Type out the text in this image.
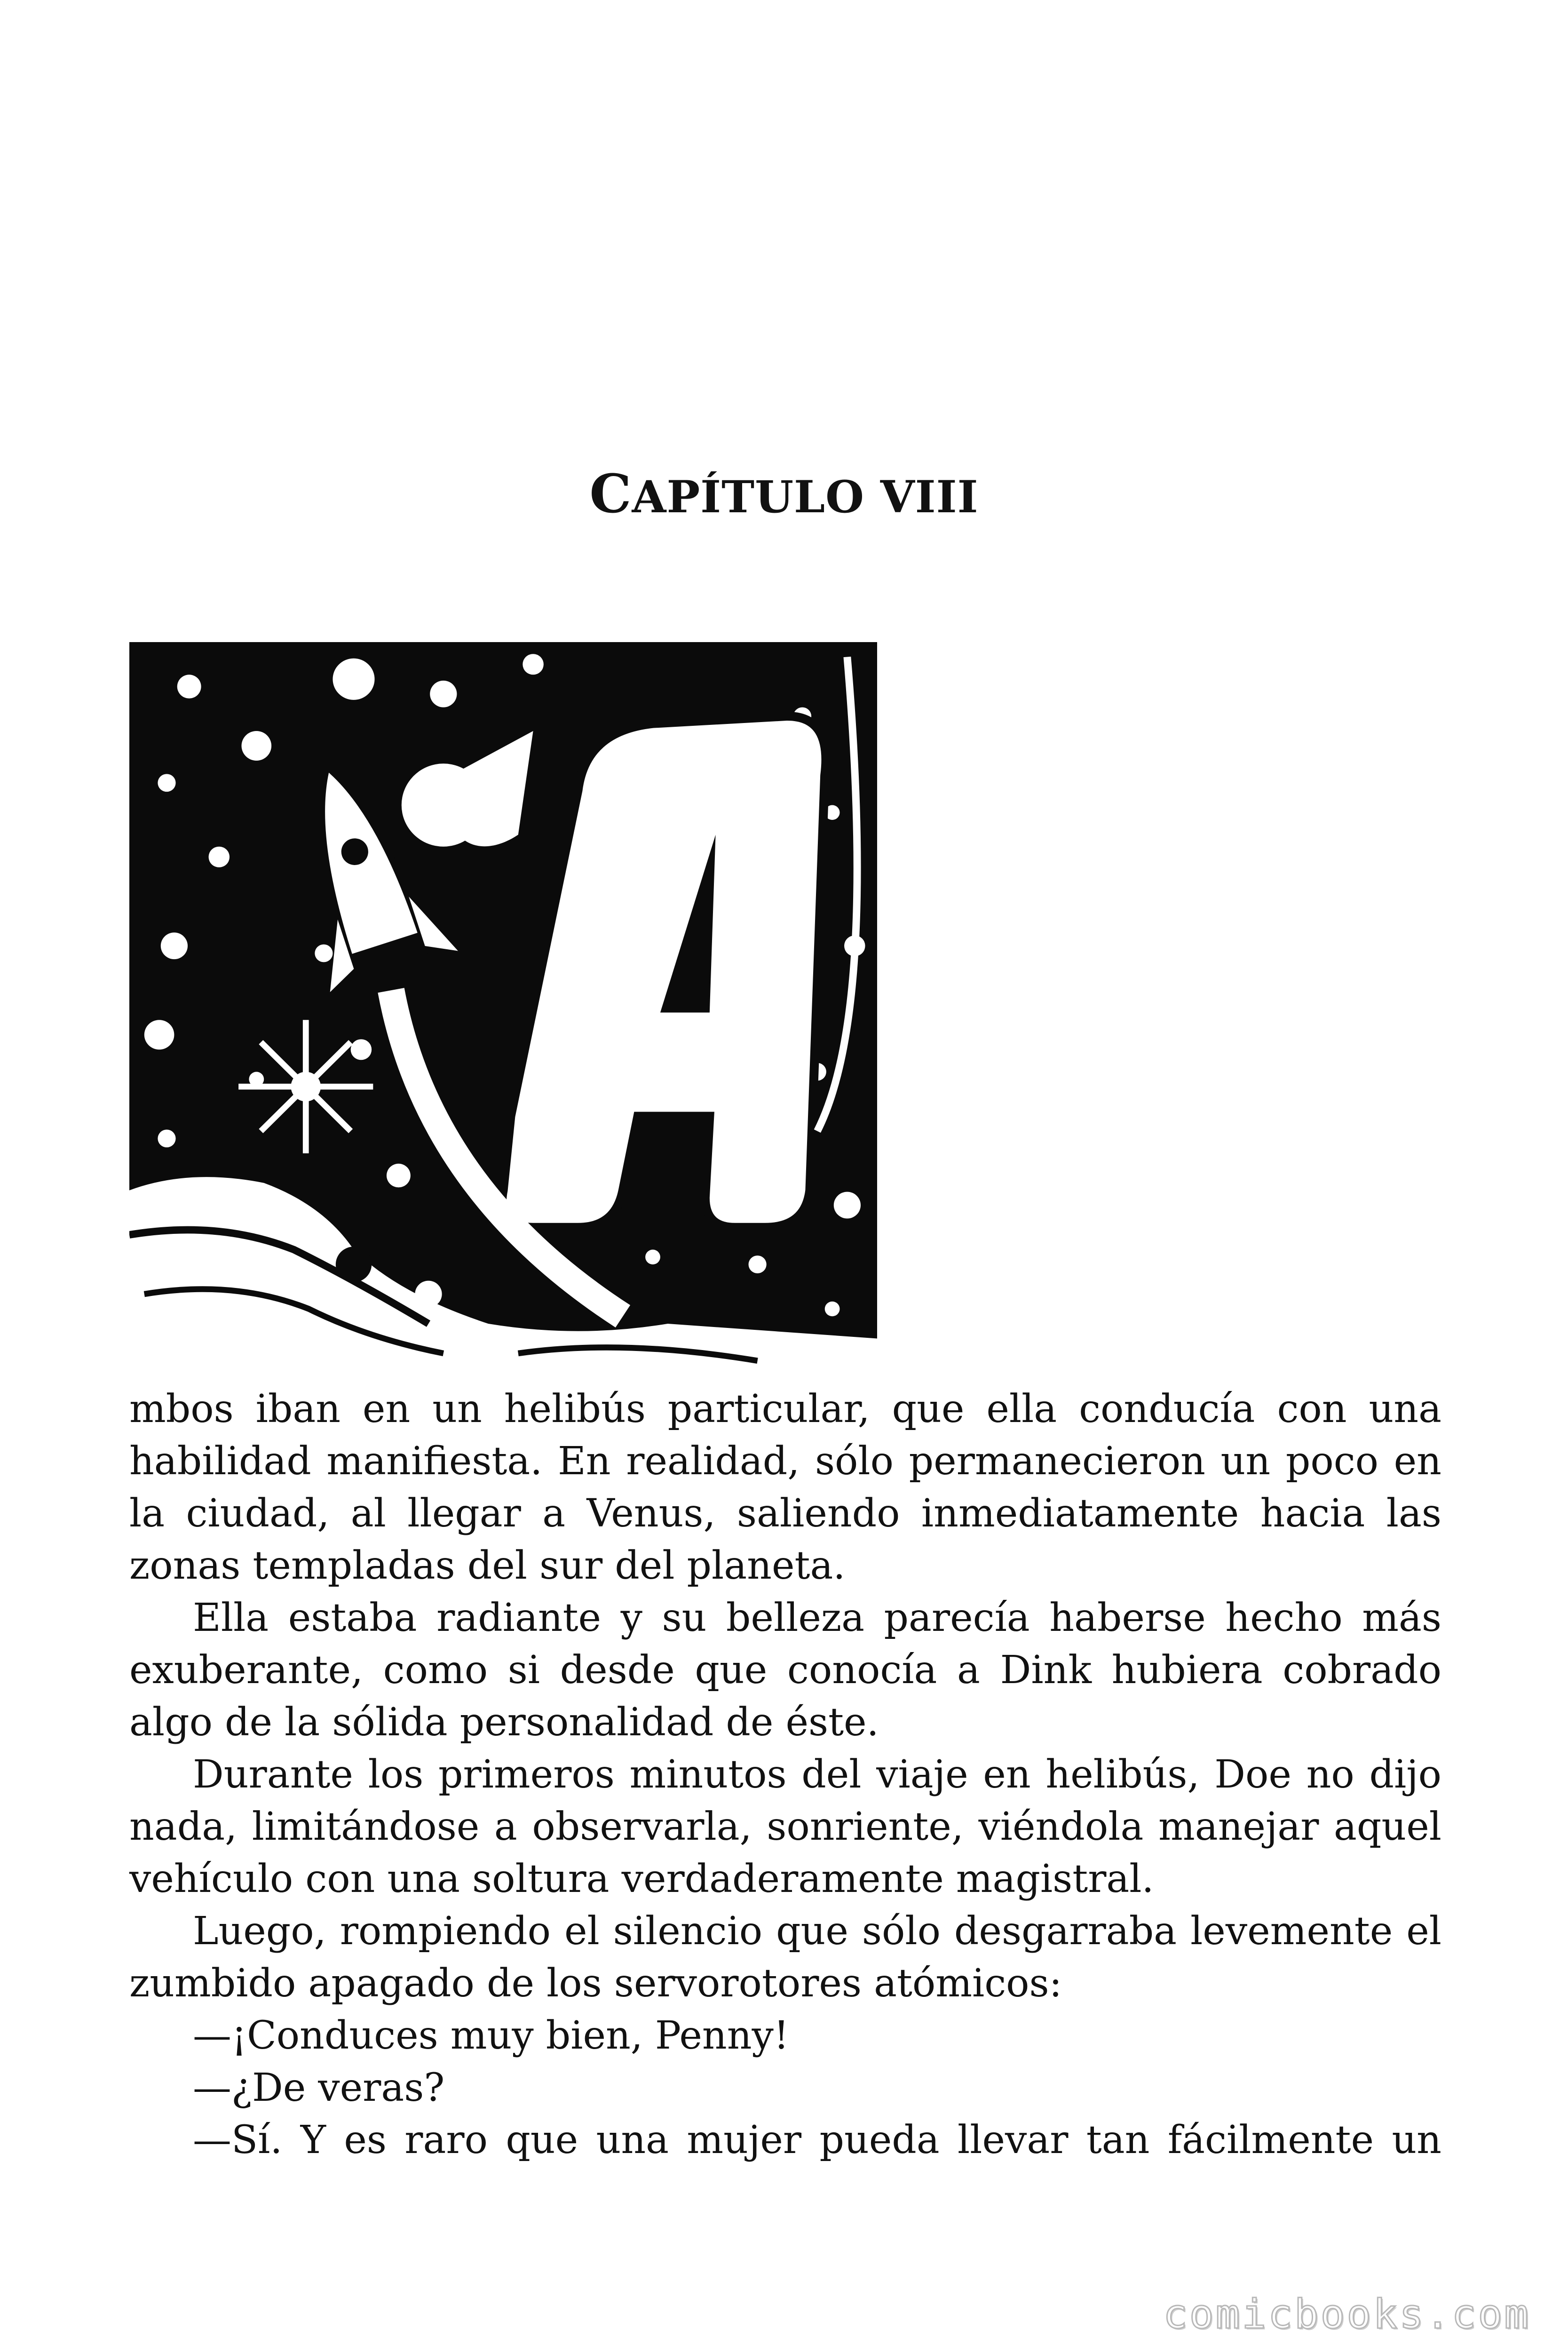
CAPÍTULO VIII

mbos iban en un helibús particular, que ella conducía con una habilidad manifiesta. En realidad, sólo permanecieron un poco en la ciudad, al llegar a Venus, saliendo inmediatamente hacia las zonas templadas del sur del planeta.

Ella estaba radiante y su belleza parecía haberse hecho más exuberante, como si desde que conocía a Dink hubiera cobrado algo de la sólida personalidad de éste.

Durante los primeros minutos del viaje en helibús, Doe no dijo nada, limitándose a observarla, sonriente, viéndola manejar aquel vehículo con una soltura verdaderamente magistral.

Luego, rompiendo el silencio que sólo desgarraba levemente el zumbido apagado de los servorotores atómicos:

—¡Conduces muy bien, Penny!

—¿De veras?

—Sí. Y es raro que una mujer pueda llevar tan fácilmente un

comicbooks.com
